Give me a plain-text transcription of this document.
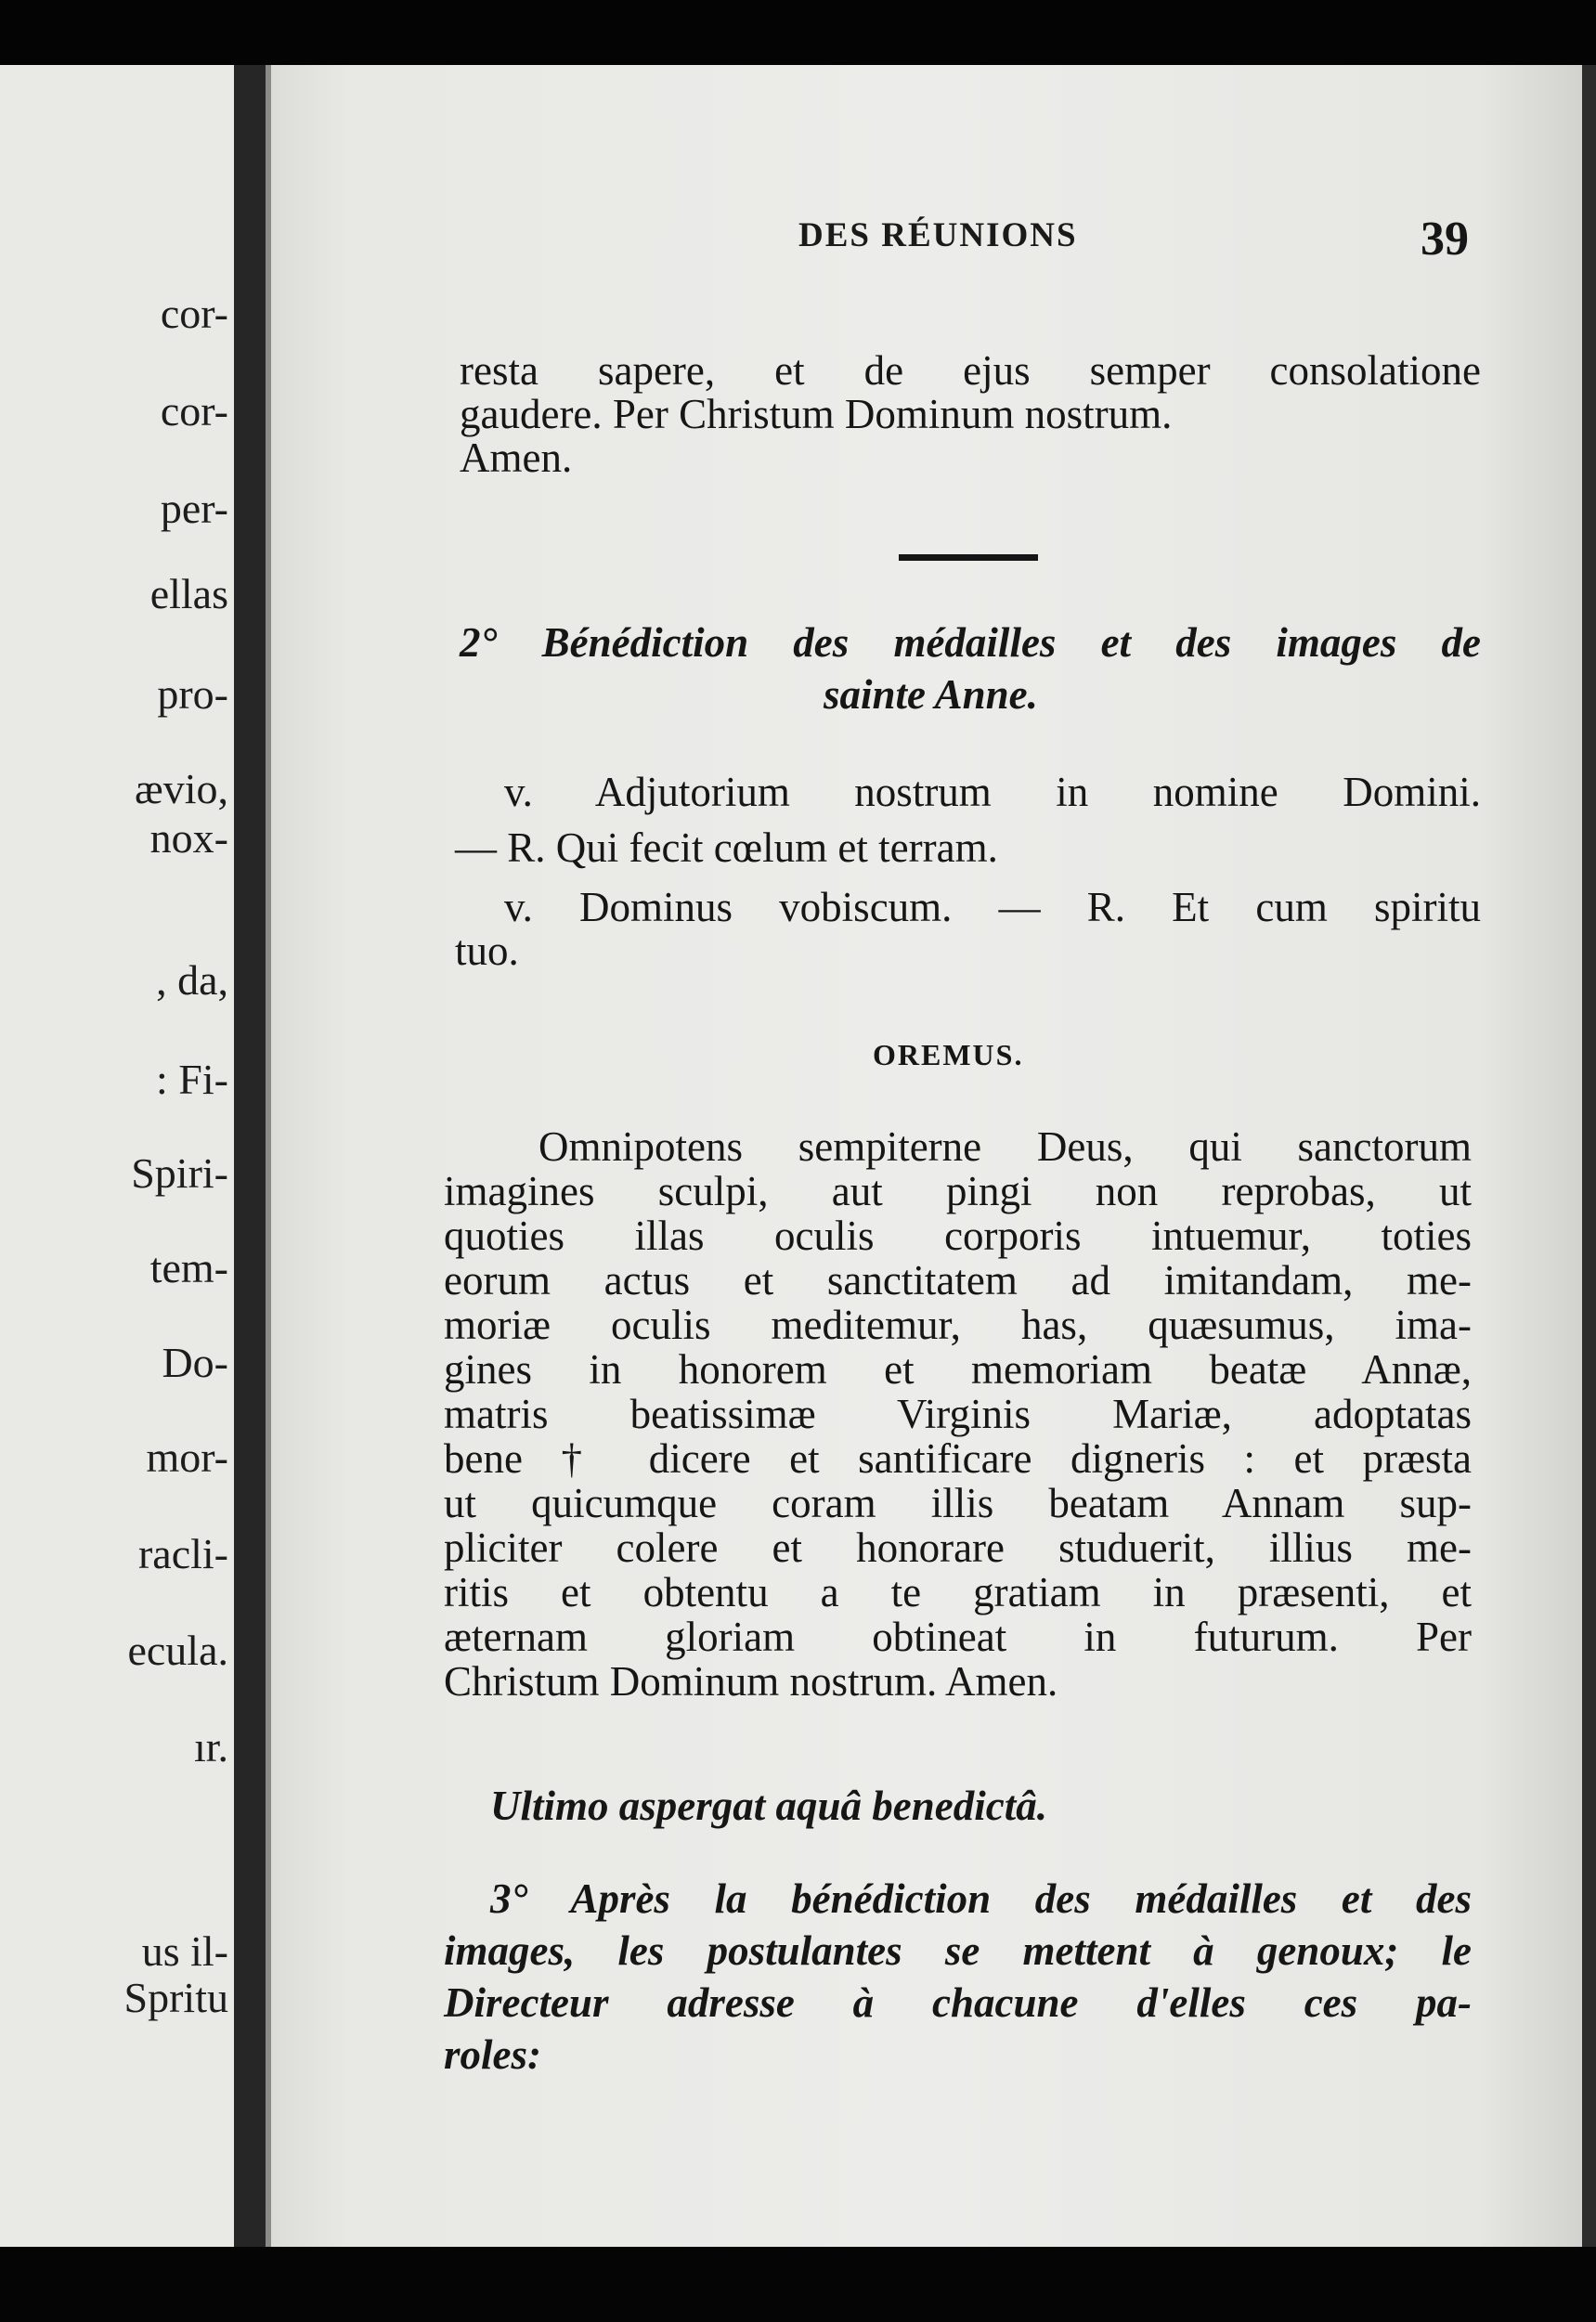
cor-

cor-

per-

ellas

pro-

ævio,

nox-

, da,

: Fi-

Spiri-

tem-

Do-

mor-

racli-

ecula.

ır.

us il-

Spritu

DES RÉUNIONS	39

resta sapere, et de ejus semper consolatione

gaudere. Per Christum Dominum nostrum.

Amen.

2° Bénédiction des médailles et des images de

sainte Anne.

v. Adjutorium nostrum in nomine Domini.

— R. Qui fecit cœlum et terram.

v. Dominus vobiscum. — R. Et cum spiritu

tuo.

OREMUS.

Omnipotens sempiterne Deus, qui sanctorum

imagines sculpi, aut pingi non reprobas, ut

quoties illas oculis corporis intuemur, toties

eorum actus et sanctitatem ad imitandam, me-

moriæ oculis meditemur, has, quæsumus, ima-

gines in honorem et memoriam beatæ Annæ,

matris beatissimæ Virginis Mariæ, adoptatas

bene † dicere et santificare digneris : et præsta

ut quicumque coram illis beatam Annam sup-

pliciter colere et honorare studuerit, illius me-

ritis et obtentu a te gratiam in præsenti, et

æternam gloriam obtineat in futurum. Per

Christum Dominum nostrum. Amen.

Ultimo aspergat aquâ benedictâ.

3° Après la bénédiction des médailles et des

images, les postulantes se mettent à genoux; le

Directeur adresse à chacune d'elles ces pa-

roles:
